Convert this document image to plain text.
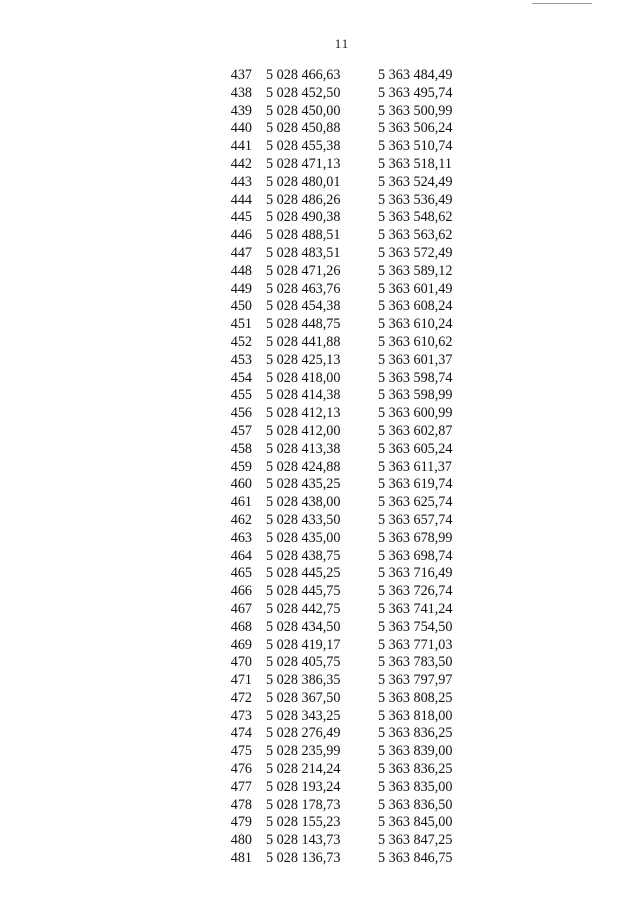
11
437 5 028 466,63	5 363 484,49
438 5 028 452,50	5 363 495,74
439 5 028 450,00	5 363 500,99
440 5 028 450,88	5 363 506,24
441 5 028 455,38	5 363 510,74
442 5 028 471,13	5 363 518,11
443 5 028 480,01	5 363 524,49
444 5 028 486,26	5 363 536,49
445 5 028 490,38	5 363 548,62
446 5 028 488,51	5 363 563,62
447 5 028 483,51	5 363 572,49
448 5 028 471,26	5 363 589,12
449 5 028 463,76	5 363 601,49
450 5 028 454,38	5 363 608,24
451 5 028 448,75	5 363 610,24
452 5 028 441,88	5 363 610,62
453 5 028 425,13	5 363 601,37
454 5 028 418,00	5 363 598,74
455 5 028 414,38	5 363 598,99
456 5 028 412,13	5 363 600,99
457 5 028 412,00	5 363 602,87
458 5 028 413,38	5 363 605,24
459 5 028 424,88	5 363 611,37
460 5 028 435,25	5 363 619,74
461 5 028 438,00	5 363 625,74
462 5 028 433,50	5 363 657,74
463 5 028 435,00	5 363 678,99
464 5 028 438,75	5 363 698,74
465 5 028 445,25	5 363 716,49
466 5 028 445,75	5 363 726,74
467 5 028 442,75	5 363 741,24
468 5 028 434,50	5 363 754,50
469 5 028 419,17	5 363 771,03
470 5 028 405,75	5 363 783,50
471 5 028 386,35	5 363 797,97
472 5 028 367,50	5 363 808,25
473 5 028 343,25	5 363 818,00
474 5 028 276,49	5 363 836,25
475 5 028 235,99	5 363 839,00
476 5 028 214,24	5 363 836,25
477 5 028 193,24	5 363 835,00
478 5 028 178,73	5 363 836,50
479 5 028 155,23	5 363 845,00
480 5 028 143,73	5 363 847,25
481 5 028 136,73	5 363 846,75
